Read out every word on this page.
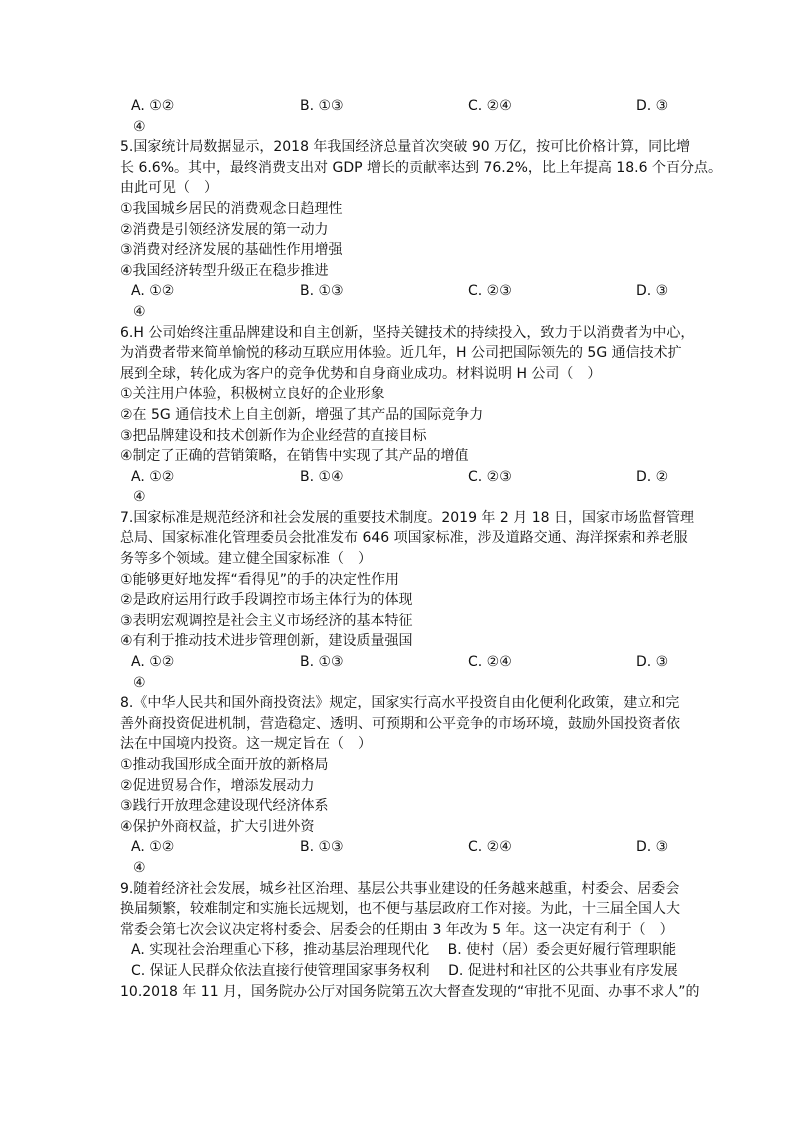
A. ①②	B. ①③	C. ②④	D. ③
④
5.国家统计局数据显示，2018 年我国经济总量首次突破 90 万亿，按可比价格计算，同比增
长 6.6%。其中，最终消费支出对 GDP 增长的贡献率达到 76.2%，比上年提高 18.6 个百分点。
由此可见（　）
①我国城乡居民的消费观念日趋理性
②消费是引领经济发展的第一动力
③消费对经济发展的基础性作用增强
④我国经济转型升级正在稳步推进
A. ①②	B. ①③	C. ②③	D. ③
④
6.H 公司始终注重品牌建设和自主创新，坚持关键技术的持续投入，致力于以消费者为中心，
为消费者带来简单愉悦的移动互联应用体验。近几年，H 公司把国际领先的 5G 通信技术扩
展到全球，转化成为客户的竞争优势和自身商业成功。材料说明 H 公司（　）
①关注用户体验，积极树立良好的企业形象
②在 5G 通信技术上自主创新，增强了其产品的国际竞争力
③把品牌建设和技术创新作为企业经营的直接目标
④制定了正确的营销策略，在销售中实现了其产品的增值
A. ①②	B. ①④	C. ②③	D. ②
④
7.国家标准是规范经济和社会发展的重要技术制度。2019 年 2 月 18 日，国家市场监督管理
总局、国家标准化管理委员会批准发布 646 项国家标准，涉及道路交通、海洋探索和养老服
务等多个领域。建立健全国家标准（　）
①能够更好地发挥“看得见”的手的决定性作用
②是政府运用行政手段调控市场主体行为的体现
③表明宏观调控是社会主义市场经济的基本特征
④有利于推动技术进步管理创新，建设质量强国
A. ①②	B. ①③	C. ②④	D. ③
④
8.《中华人民共和国外商投资法》规定，国家实行高水平投资自由化便利化政策，建立和完
善外商投资促进机制，营造稳定、透明、可预期和公平竞争的市场环境，鼓励外国投资者依
法在中国境内投资。这一规定旨在（　）
①推动我国形成全面开放的新格局
②促进贸易合作，增添发展动力
③践行开放理念建设现代经济体系
④保护外商权益，扩大引进外资
A. ①②	B. ①③	C. ②④	D. ③
④
9.随着经济社会发展，城乡社区治理、基层公共事业建设的任务越来越重，村委会、居委会
换届频繁，较难制定和实施长远规划，也不便与基层政府工作对接。为此，十三届全国人大
常委会第七次会议决定将村委会、居委会的任期由 3 年改为 5 年。这一决定有利于（　）
A. 实现社会治理重心下移，推动基层治理现代化　 B. 使村（居）委会更好履行管理职能
C. 保证人民群众依法直接行使管理国家事务权利　 D. 促进村和社区的公共事业有序发展
10.2018 年 11 月，国务院办公厅对国务院第五次大督查发现的“审批不见面、办事不求人”的
